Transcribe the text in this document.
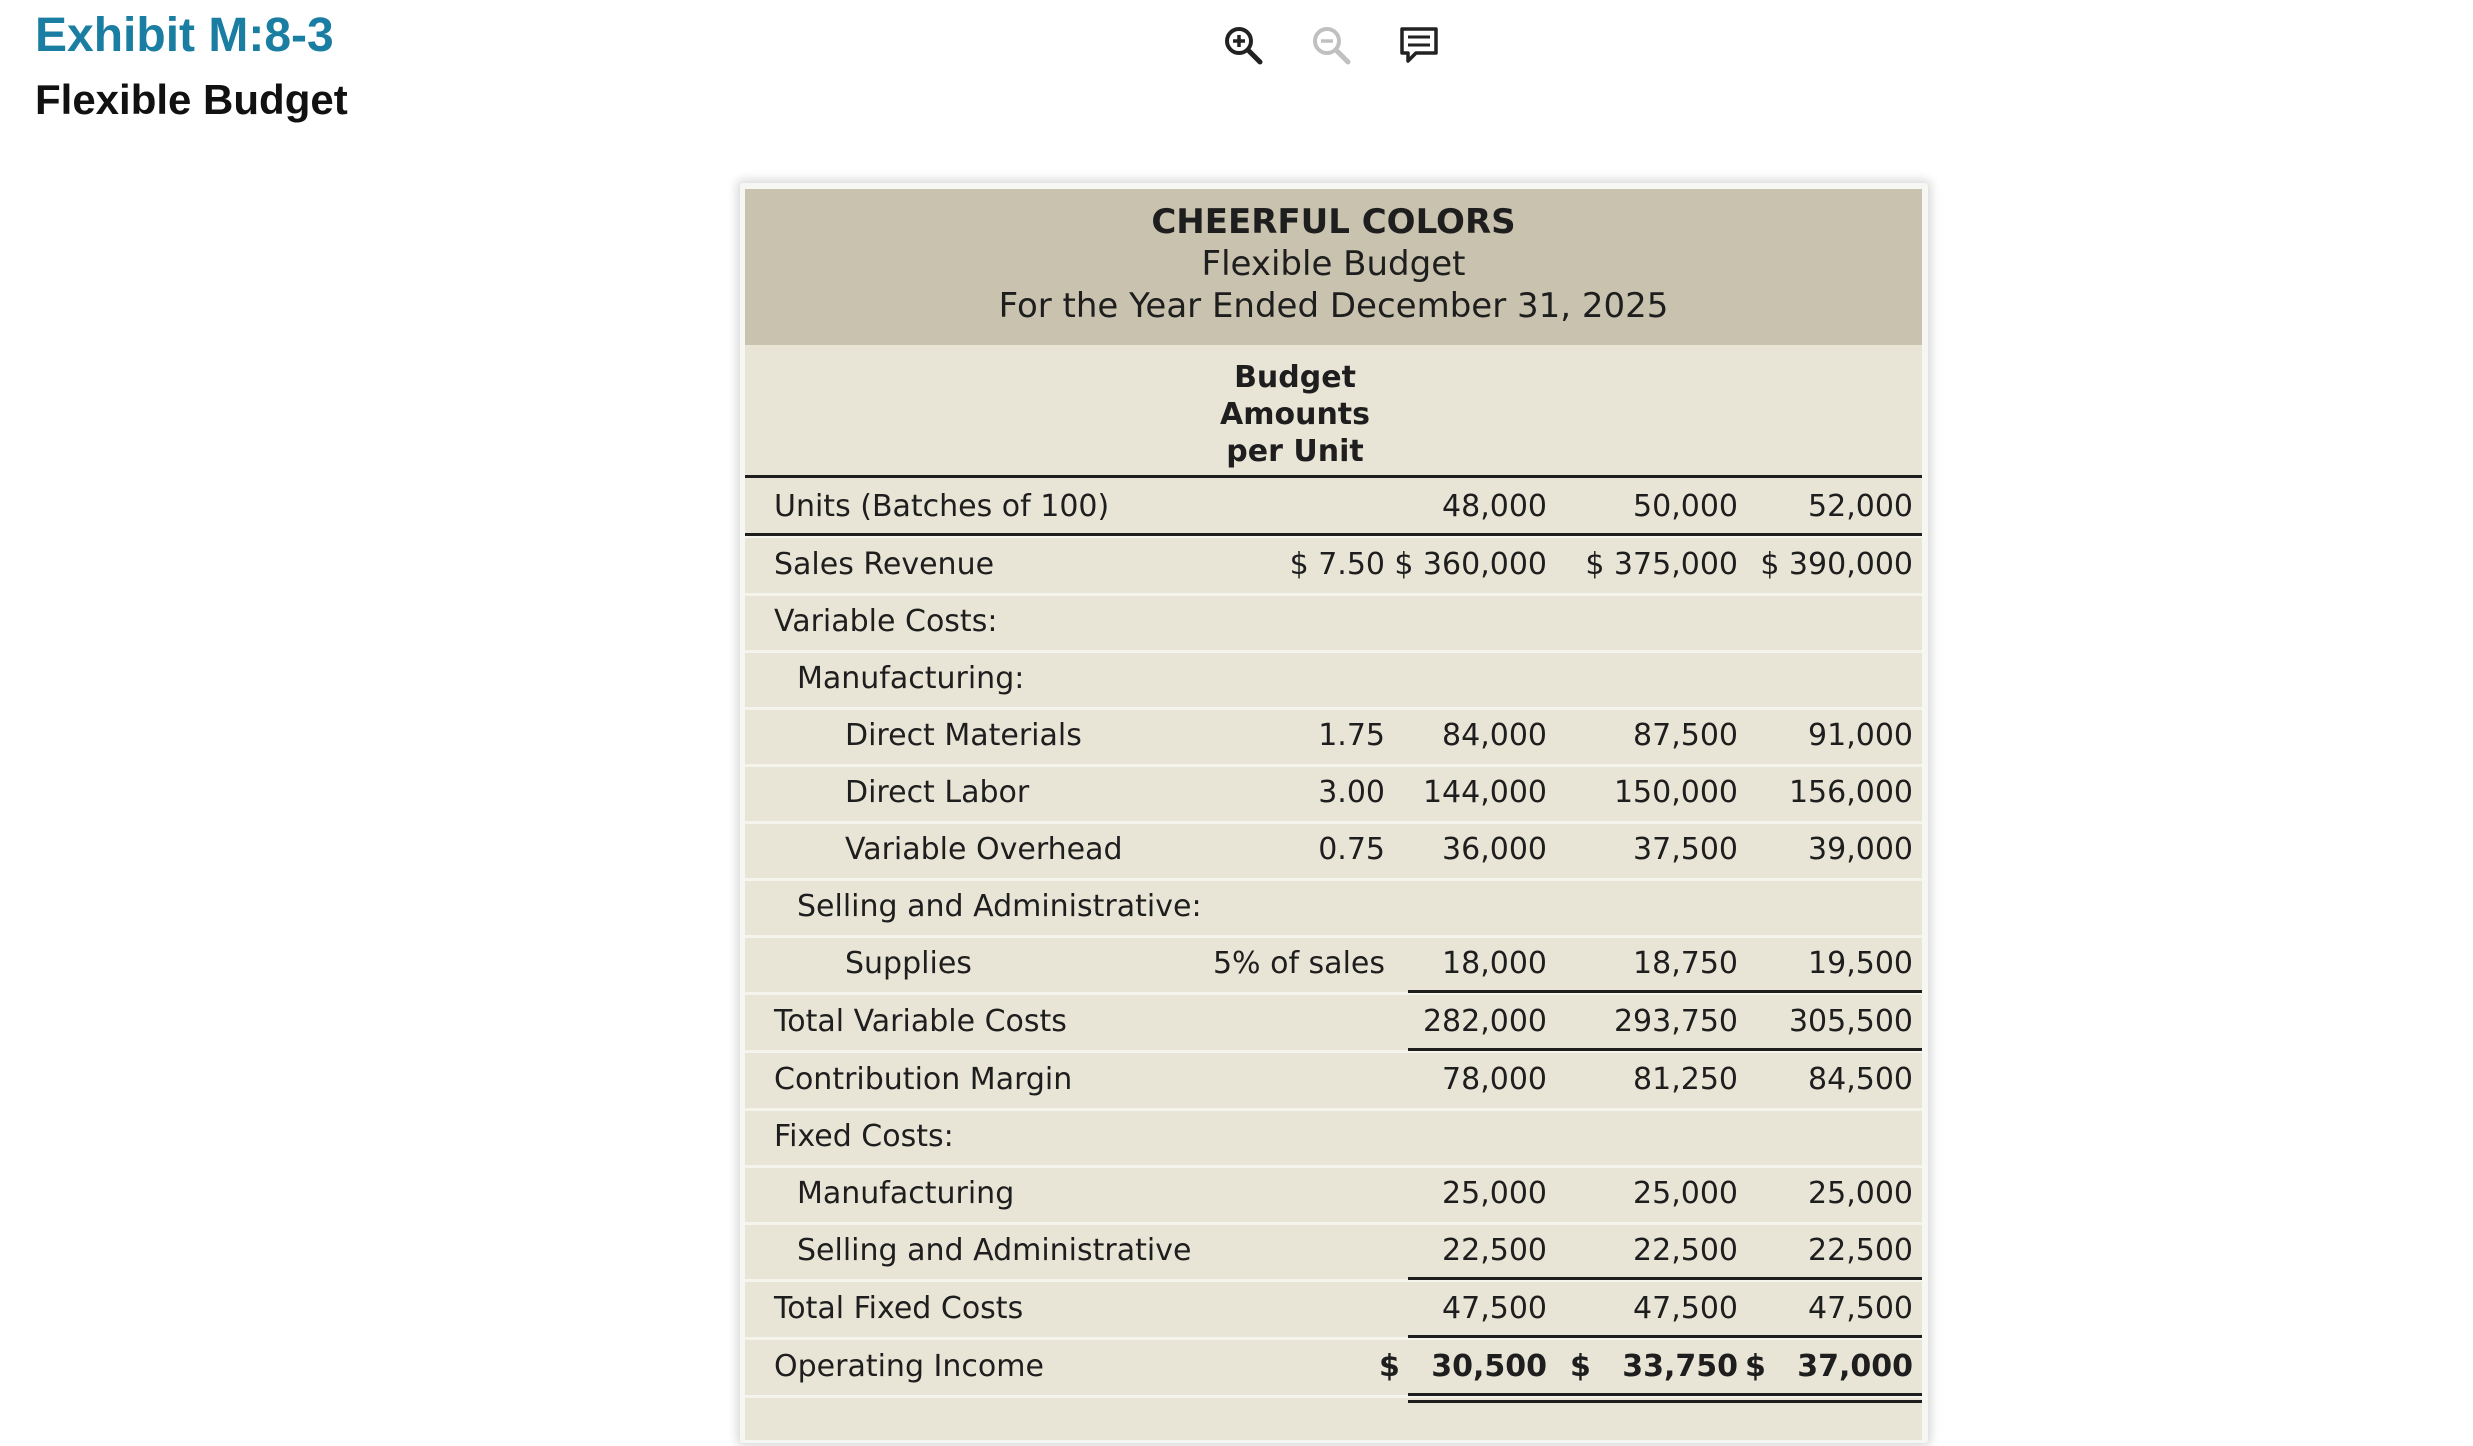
Exhibit M:8-3
Flexible Budget
CHEERFUL COLORS
Flexible Budget
For the Year Ended December 31, 2025
Budget
Amounts
per Unit
Units (Batches of 100)	48,000	50,000 52,000
Sales Revenue	$ 7.50 $ 360,000 $ 375,000 $ 390,000
Variable Costs:
Manufacturing:
Direct Materials	1.75 84,000	87,500 91,000
Direct Labor	3.00 144,000 150,000 156,000
Variable Overhead	0.75 36,000	37,500 39,000
Selling and Administrative:
Supplies	5% of sales 18,000	18,750 19,500
Total Variable Costs	282,000 293,750 305,500
Contribution Margin	78,000	81,250 84,500
Fixed Costs:
Manufacturing	25,000	25,000 25,000
Selling and Administrative	22,500	22,500 22,500
Total Fixed Costs	47,500	47,500 47,500
Operating Income	$   30,500 $   33,750 $   37,000
